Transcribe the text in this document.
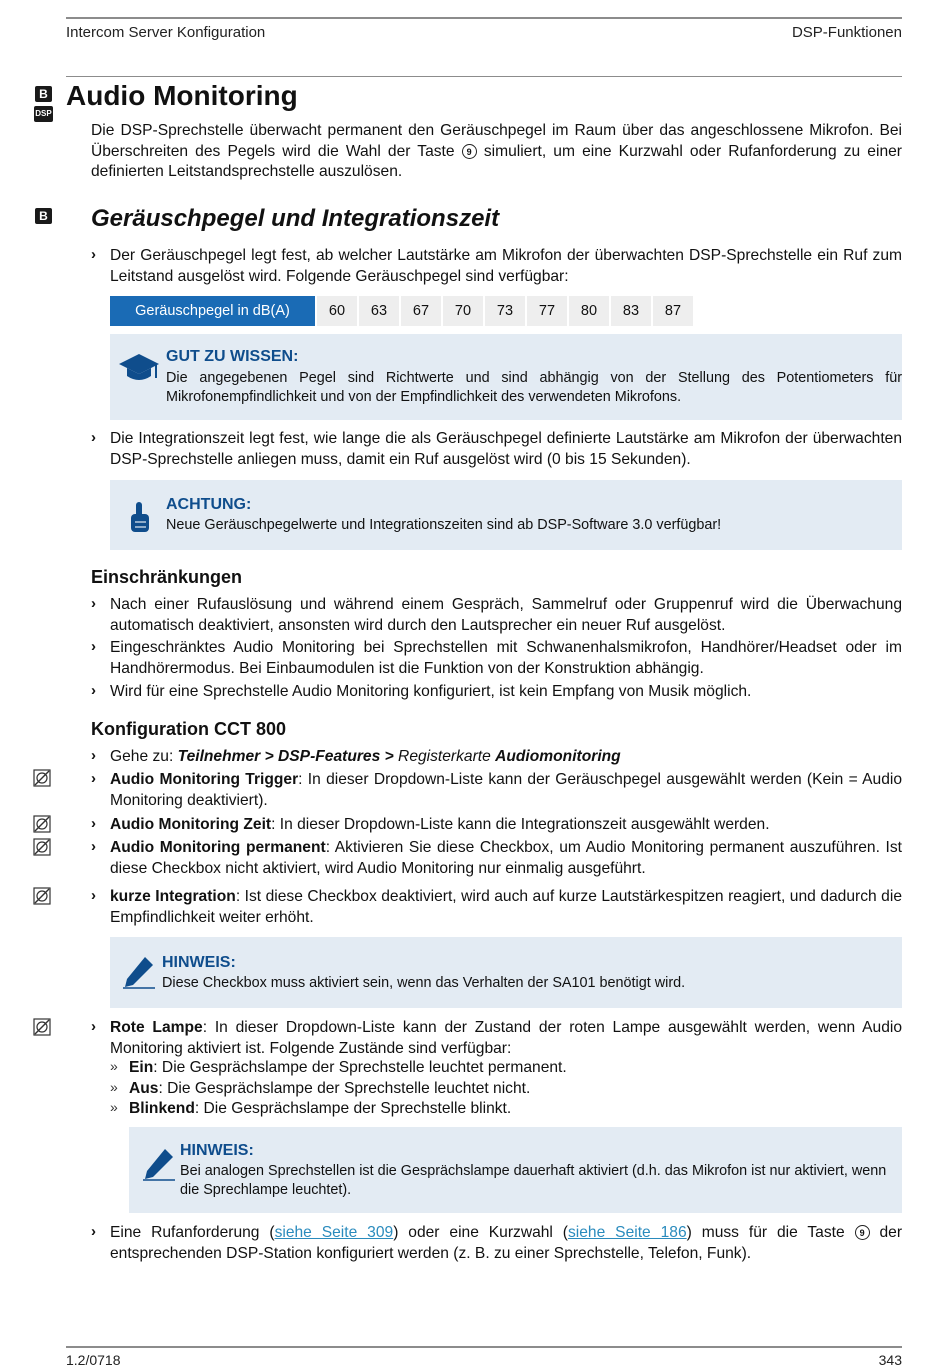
Intercom Server Konfiguration	DSP-Funktionen
B
DSP
B
Audio Monitoring
Die DSP-Sprechstelle überwacht permanent den Geräuschpegel im Raum über das angeschlossene Mikrofon. Bei Überschreiten des Pegels wird die Wahl der Taste 9 simuliert, um eine Kurzwahl oder Rufanforderung zu einer definierten Leitstandsprechstelle auszulösen.
Geräuschpegel und Integrationszeit
› Der Geräuschpegel legt fest, ab welcher Lautstärke am Mikrofon der überwachten DSP-Sprechstelle ein Ruf zum Leitstand ausgelöst wird. Folgende Geräuschpegel sind verfügbar:
Geräuschpegel in dB(A)	60	63	67	70	73	77	80	83	87
GUT ZU WISSEN:
Die angegebenen Pegel sind Richtwerte und sind abhängig von der Stellung des Potentiometers für Mikrofonempfindlichkeit und von der Empfindlichkeit des verwendeten Mikrofons.
› Die Integrationszeit legt fest, wie lange die als Geräuschpegel definierte Lautstärke am Mikrofon der überwachten DSP-Sprechstelle anliegen muss, damit ein Ruf ausgelöst wird (0 bis 15 Sekunden).
ACHTUNG:
Neue Geräuschpegelwerte und Integrationszeiten sind ab DSP-Software 3.0 verfügbar!
Einschränkungen
› Nach einer Rufauslösung und während einem Gespräch, Sammelruf oder Gruppenruf wird die Überwachung automatisch deaktiviert, ansonsten wird durch den Lautsprecher ein neuer Ruf ausgelöst.
› Eingeschränktes Audio Monitoring bei Sprechstellen mit Schwanenhalsmikrofon, Handhörer/Headset oder im Handhörermodus. Bei Einbaumodulen ist die Funktion von der Konstruktion abhängig.
› Wird für eine Sprechstelle Audio Monitoring konfiguriert, ist kein Empfang von Musik möglich.
Konfiguration CCT 800
› Gehe zu: Teilnehmer > DSP-Features > Registerkarte Audiomonitoring
› Audio Monitoring Trigger: In dieser Dropdown-Liste kann der Geräuschpegel ausgewählt werden (Kein = Audio Monitoring deaktiviert).
› Audio Monitoring Zeit: In dieser Dropdown-Liste kann die Integrationszeit ausgewählt werden.
› Audio Monitoring permanent: Aktivieren Sie diese Checkbox, um Audio Monitoring permanent auszuführen. Ist diese Checkbox nicht aktiviert, wird Audio Monitoring nur einmalig ausgeführt.
› kurze Integration: Ist diese Checkbox deaktiviert, wird auch auf kurze Lautstärkespitzen reagiert, und dadurch die Empfindlichkeit weiter erhöht.
HINWEIS:
Diese Checkbox muss aktiviert sein, wenn das Verhalten der SA101 benötigt wird.
› Rote Lampe: In dieser Dropdown-Liste kann der Zustand der roten Lampe ausgewählt werden, wenn Audio Monitoring aktiviert ist. Folgende Zustände sind verfügbar:
» Ein: Die Gesprächslampe der Sprechstelle leuchtet permanent.
» Aus: Die Gesprächslampe der Sprechstelle leuchtet nicht.
» Blinkend: Die Gesprächslampe der Sprechstelle blinkt.
HINWEIS:
Bei analogen Sprechstellen ist die Gesprächslampe dauerhaft aktiviert (d.h. das Mikrofon ist nur aktiviert, wenn die Sprechlampe leuchtet).
› Eine Rufanforderung (siehe Seite 309) oder eine Kurzwahl (siehe Seite 186) muss für die Taste 9 der entsprechenden DSP-Station konfiguriert werden (z. B. zu einer Sprechstelle, Telefon, Funk).
1.2/0718	343
